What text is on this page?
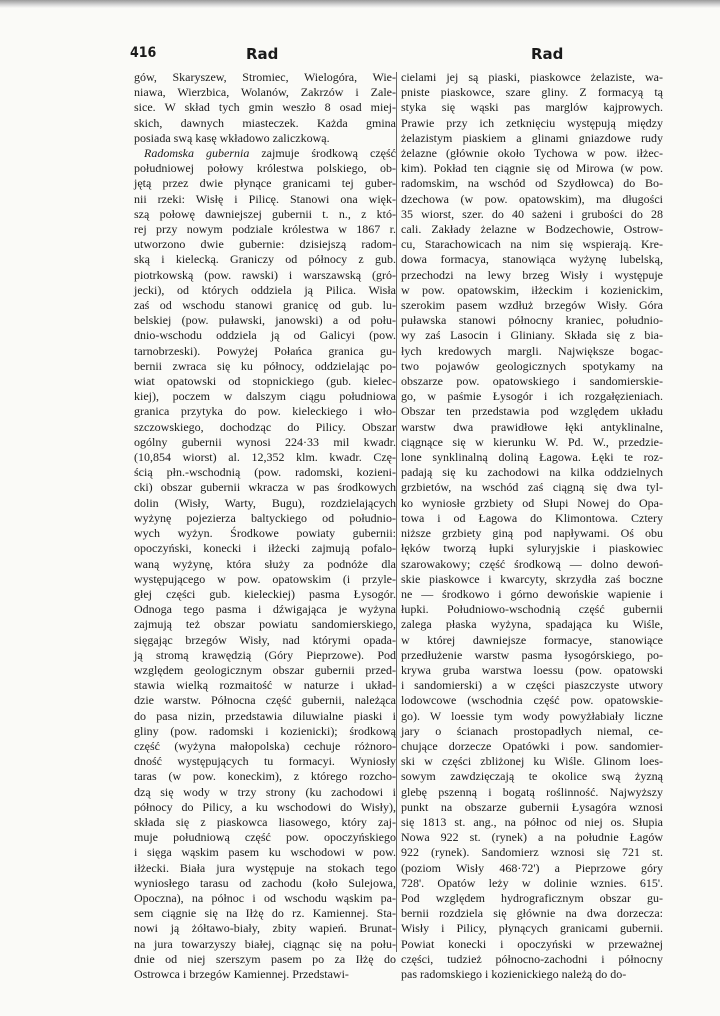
416	Rad	Rad
gów, Skaryszew, Stromiec, Wielogóra, Wie-
niawa, Wierzbica, Wolanów, Zakrzów i Zale-
sice. W skład tych gmin weszło 8 osad miej-
skich, dawnych miasteczek. Każda gmina
posiada swą kasę wkładowo zaliczkową.
Radomska gubernia zajmuje środkową część
południowej połowy królestwa polskiego, ob-
jętą przez dwie płynące granicami tej guber-
nii rzeki: Wisłę i Pilicę. Stanowi ona więk-
szą połowę dawniejszej gubernii t. n., z któ-
rej przy nowym podziale królestwa w 1867 r.
utworzono dwie gubernie: dzisiejszą radom-
ską i kielecką. Graniczy od północy z gub.
piotrkowską (pow. rawski) i warszawską (grό-
jecki), od których oddziela ją Pilica. Wisła
zaś od wschodu stanowi granicę od gub. lu-
belskiej (pow. puławski, janowski) a od połu-
dnio-wschodu oddziela ją od Galicyi (pow.
tarnobrzeski). Powyżej Połańca granica gu-
bernii zwraca się ku północy, oddzielając po-
wiat opatowski od stopnickiego (gub. kielec-
kiej), poczem w dalszym ciągu południowa
granica przytyka do pow. kieleckiego i wło-
szczowskiego, dochodząc do Pilicy. Obszar
ogólny gubernii wynosi 224·33 mil kwadr.
(10,854 wiorst) al. 12,352 klm. kwadr. Czę-
ścią płn.-wschodnią (pow. radomski, kozieni-
cki) obszar gubernii wkracza w pas środkowych
dolin (Wisły, Warty, Bugu), rozdzielających
wyżynę pojezierza baltyckiego od południo-
wych wyżyn. Środkowe powiaty gubernii:
opoczyński, konecki i iłżecki zajmują pofalo-
waną wyżynę, która służy za podnóże dla
występującego w pow. opatowskim (i przyle-
głej części gub. kieleckiej) pasma Łysogór.
Odnoga tego pasma i dźwigająca je wyżyna
zajmują też obszar powiatu sandomierskiego,
sięgając brzegów Wisły, nad którymi opada-
ją stromą krawędzią (Góry Pieprzowe). Pod
względem geologicznym obszar gubernii przed-
stawia wielką rozmaitość w naturze i układ-
dzie warstw. Północna część gubernii, należąca
do pasa nizin, przedstawia diluwialne piaski i
gliny (pow. radomski i kozienicki); środkową
część (wyżyna małopolska) cechuje różnoro-
dność występujących tu formacyi. Wyniosły
taras (w pow. koneckim), z którego rozcho-
dzą się wody w trzy strony (ku zachodowi i
północy do Pilicy, a ku wschodowi do Wisły),
składa się z piaskowca liasowego, który zaj-
muje południową część pow. opoczyńskiego
i sięga wąskim pasem ku wschodowi w pow.
iłżecki. Biała jura występuje na stokach tego
wyniosłego tarasu od zachodu (koło Sulejowa,
Opoczna), na północ i od wschodu wąskim pa-
sem ciągnie się na Iłżę do rz. Kamiennej. Sta-
nowi ją żółtawo-biały, zbity wapień. Brunat-
na jura towarzyszy białej, ciągnąc się na połu-
dnie od niej szerszym pasem po za Iłżę do
Ostrowca i brzegów Kamiennej. Przedstawi-
cielami jej są piaski, piaskowce żelaziste, wa-
pniste piaskowce, szare gliny. Z formacyą tą
styka się wąski pas marglów kajprowych.
Prawie przy ich zetknięciu występują między
żelazistym piaskiem a glinami gniazdowe rudy
żelazne (głównie około Tychowa w pow. iłżec-
kim). Pokład ten ciągnie się od Mirowa (w pow.
radomskim, na wschód od Szydłowca) do Bo-
dzechowa (w pow. opatowskim), ma długości
35 wiorst, szer. do 40 sażeni i grubości do 28
cali. Zakłady żelazne w Bodzechowie, Ostrow-
cu, Starachowicach na nim się wspierają. Kre-
dowa formacya, stanowiąca wyżynę lubelską,
przechodzi na lewy brzeg Wisły i występuje
w pow. opatowskim, iłżeckim i kozienickim,
szerokim pasem wzdłuż brzegów Wisły. Góra
puławska stanowi północny kraniec, południo-
wy zaś Lasocin i Gliniany. Składa się z bia-
łych kredowych margli. Największe bogac-
two pojawów geologicznych spotykamy na
obszarze pow. opatowskiego i sandomierskie-
go, w paśmie Łysogór i ich rozgałęzieniach.
Obszar ten przedstawia pod względem układu
warstw dwa prawidłowe łęki antyklinalne,
ciągnące się w kierunku W. Pd. W., przedzie-
lone synklinalną doliną Łagowa. Łęki te roz-
padają się ku zachodowi na kilka oddzielnych
grzbietów, na wschód zaś ciągną się dwa tyl-
ko wyniosłe grzbiety od Słupi Nowej do Opa-
towa i od Łagowa do Klimontowa. Cztery
niższe grzbiety giną pod napływami. Oś obu
łęków tworzą łupki syluryjskie i piaskowiec
szarowakowy; część środkową — dolno dewoń-
skie piaskowce i kwarcyty, skrzydła zaś boczne
ne — środkowo i górno dewońskie wapienie i
łupki. Południowo-wschodnią część gubernii
zalega płaska wyżyna, spadająca ku Wiśle,
w której dawniejsze formacye, stanowiące
przedłużenie warstw pasma łysogórskiego, po-
krywa gruba warstwa loessu (pow. opatowski
i sandomierski) a w części piaszczyste utwory
lodowcowe (wschodnia część pow. opatowskie-
go). W loessie tym wody powyżłabiały liczne
jary o ścianach prostopadłych niemal, ce-
chujące dorzecze Opatówki i pow. sandomier-
ski w części zbliżonej ku Wiśle. Glinom loes-
sowym zawdzięczają te okolice swą żyzną
glebę pszenną i bogatą roślinność. Najwyższy
punkt na obszarze gubernii Łysagóra wznosi
się 1813 st. ang., na północ od niej os. Słupia
Nowa 922 st. (rynek) a na południe Łagów
922 (rynek). Sandomierz wznosi się 721 st.
(poziom Wisły 468·72') a Pieprzowe góry
728'. Opatów leży w dolinie wznies. 615'.
Pod względem hydrograficznym obszar gu-
bernii rozdziela się głównie na dwa dorzecza:
Wisły i Pilicy, płynących granicami gubernii.
Powiat konecki i opoczyński w przeważnej
części, tudzież północno-zachodni i północny
pas radomskiego i kozienickiego należą do do-
